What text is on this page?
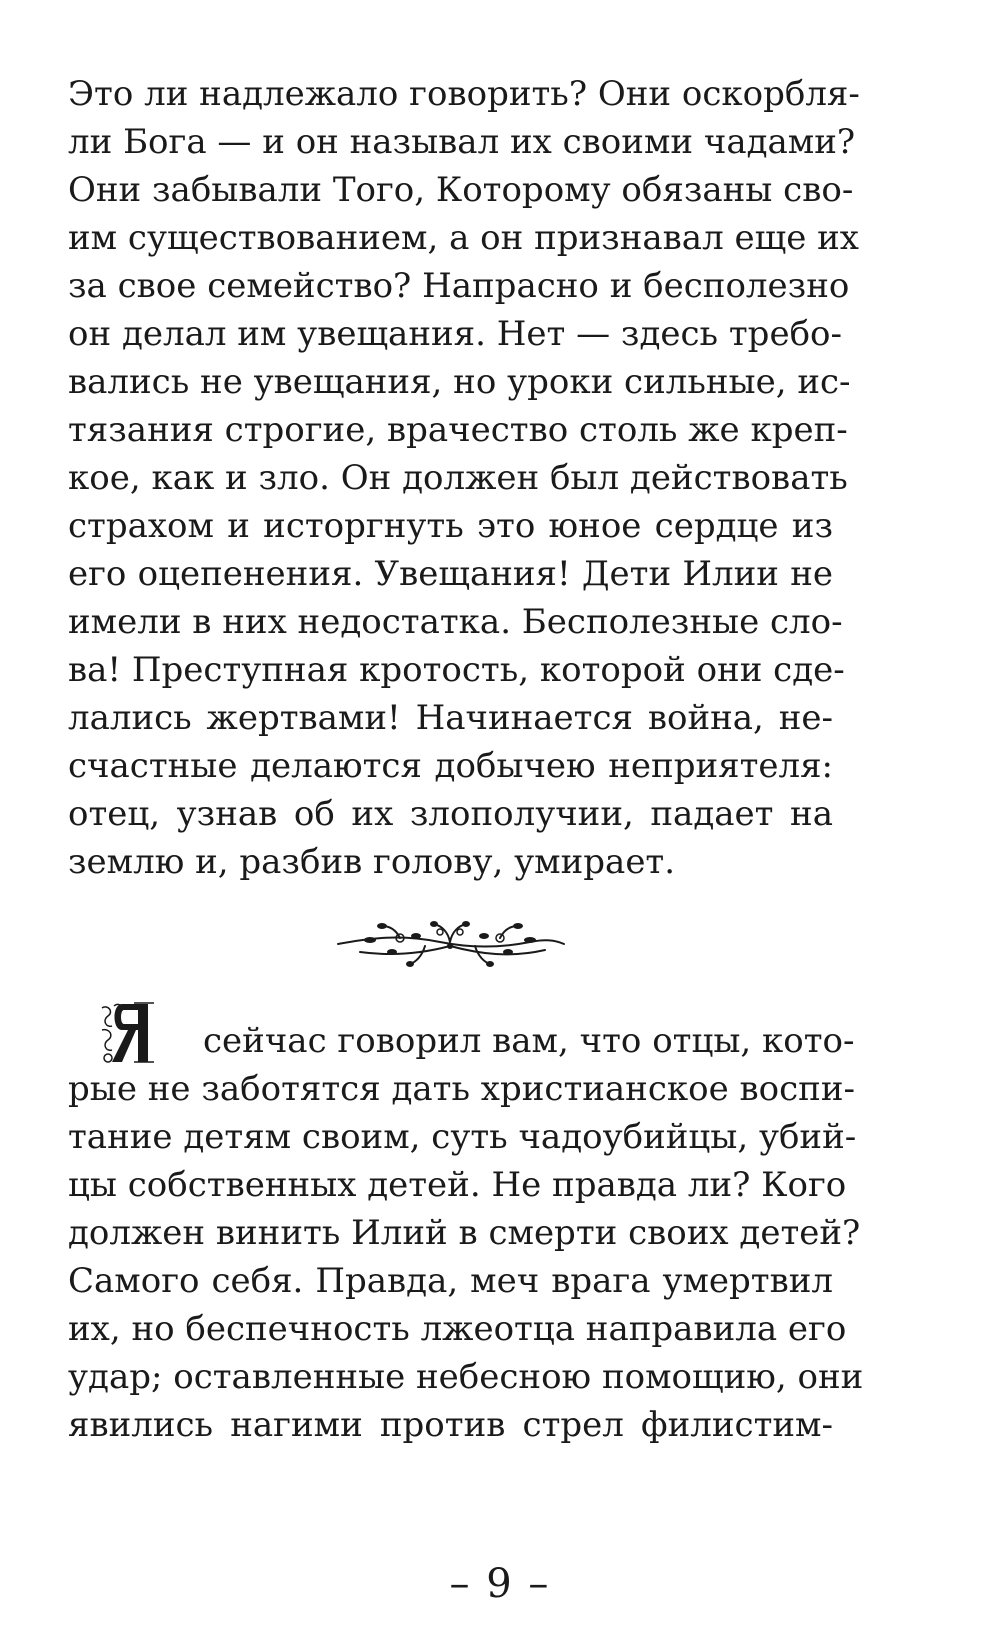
Это ли надлежало говорить? Они оскорбля-
ли Бога — и он называл их своими чадами?
Они забывали Того, Которому обязаны сво-
им существованием, а он признавал еще их
за свое семейство? Напрасно и бесполезно
он делал им увещания. Нет — здесь требо-
вались не увещания, но уроки сильные, ис-
тязания строгие, врачество столь же креп-
кое, как и зло. Он должен был действовать
страхом и исторгнуть это юное сердце из
его оцепенения. Увещания! Дети Илии не
имели в них недостатка. Бесполезные сло-
ва! Преступная кротость, которой они сде-
лались жертвами! Начинается война, не-
счастные делаются добычею неприятеля:
отец, узнав об их злополучии, падает на
землю и, разбив голову, умирает.
сейчас говорил вам, что отцы, кото-
рые не заботятся дать христианское воспи-
тание детям своим, суть чадоубийцы, убий-
цы собственных детей. Не правда ли? Кого
должен винить Илий в смерти своих детей?
Самого себя. Правда, меч врага умертвил
их, но беспечность лжеотца направила его
удар; оставленные небесною помощию, они
явились нагими против стрел филистим-
– 9 –
